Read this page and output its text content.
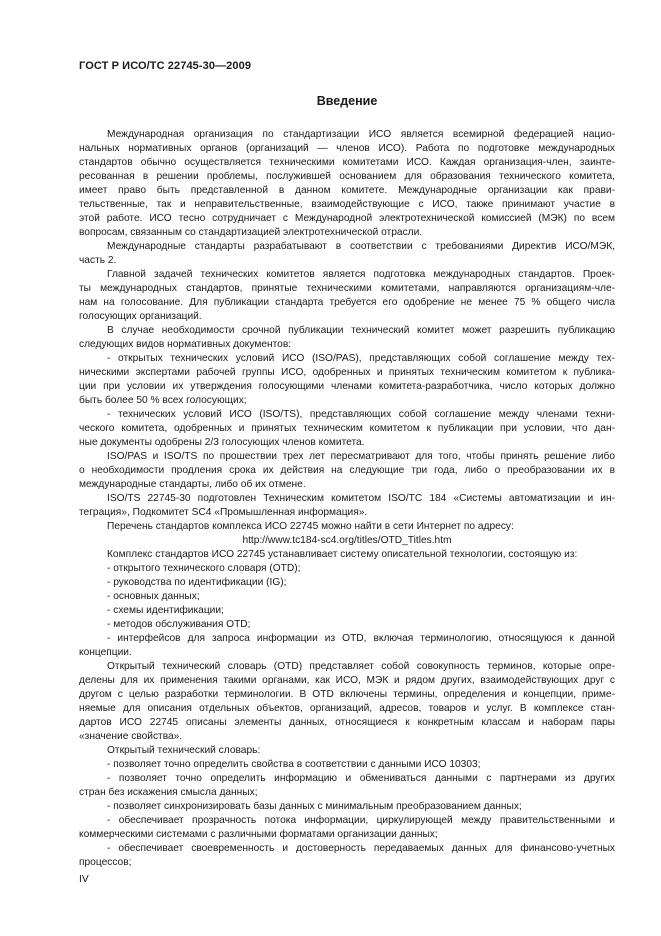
ГОСТ Р ИСО/ТС 22745-30—2009
Введение
Международная организация по стандартизации ИСО является всемирной федерацией нацио-
нальных нормативных органов (организаций — членов ИСО). Работа по подготовке международных
стандартов обычно осуществляется техническими комитетами ИСО. Каждая организация-член, заинте-
ресованная в решении проблемы, послужившей основанием для образования технического комитета,
имеет право быть представленной в данном комитете. Международные организации как прави-
тельственные, так и неправительственные, взаимодействующие с ИСО, также принимают участие в
этой работе. ИСО тесно сотрудничает с Международной электротехнической комиссией (МЭК) по всем
вопросам, связанным со стандартизацией электротехнической отрасли.
Международные стандарты разрабатывают в соответствии с требованиями Директив ИСО/МЭК,
часть 2.
Главной задачей технических комитетов является подготовка международных стандартов. Проек-
ты международных стандартов, принятые техническими комитетами, направляются организациям-чле-
нам на голосование. Для публикации стандарта требуется его одобрение не менее 75 % общего числа
голосующих организаций.
В случае необходимости срочной публикации технический комитет может разрешить публикацию
следующих видов нормативных документов:
- открытых технических условий ИСО (ISO/PAS), представляющих собой соглашение между тех-
ническими экспертами рабочей группы ИСО, одобренных и принятых техническим комитетом к публика-
ции при условии их утверждения голосующими членами комитета-разработчика, число которых должно
быть более 50 % всех голосующих;
- технических условий ИСО (ISO/TS), представляющих собой соглашение между членами техни-
ческого комитета, одобренных и принятых техническим комитетом к публикации при условии, что дан-
ные документы одобрены 2/3 голосующих членов комитета.
ISO/PAS и ISO/TS по прошествии трех лет пересматривают для того, чтобы принять решение либо
о необходимости продления срока их действия на следующие три года, либо о преобразовании их в
международные стандарты, либо об их отмене.
ISO/TS 22745-30 подготовлен Техническим комитетом ISO/TC 184 «Системы автоматизации и ин-
теграция», Подкомитет SC4 «Промышленная информация».
Перечень стандартов комплекса ИСО 22745 можно найти в сети Интернет по адресу:
http://www.tc184-sc4.org/titles/OTD_Titles.htm
Комплекс стандартов ИСО 22745 устанавливает систему описательной технологии, состоящую из:
- открытого технического словаря (OTD);
- руководства по идентификации (IG);
- основных данных;
- схемы идентификации;
- методов обслуживания OTD;
- интерфейсов для запроса информации из OTD, включая терминологию, относящуюся к данной
концепции.
Открытый технический словарь (OTD) представляет собой совокупность терминов, которые опре-
делены для их применения такими органами, как ИСО, МЭК и рядом других, взаимодействующих друг с
другом с целью разработки терминологии. В OTD включены термины, определения и концепции, приме-
няемые для описания отдельных объектов, организаций, адресов, товаров и услуг. В комплексе стан-
дартов ИСО 22745 описаны элементы данных, относящиеся к конкретным классам и наборам пары
«значение свойства».
Открытый технический словарь:
- позволяет точно определить свойства в соответствии с данными ИСО 10303;
- позволяет точно определить информацию и обмениваться данными с партнерами из других
стран без искажения смысла данных;
- позволяет синхронизировать базы данных с минимальным преобразованием данных;
- обеспечивает прозрачность потока информации, циркулирующей между правительственными и
коммерческими системами с различными форматами организации данных;
- обеспечивает своевременность и достоверность передаваемых данных для финансово-учетных
процессов;
IV
